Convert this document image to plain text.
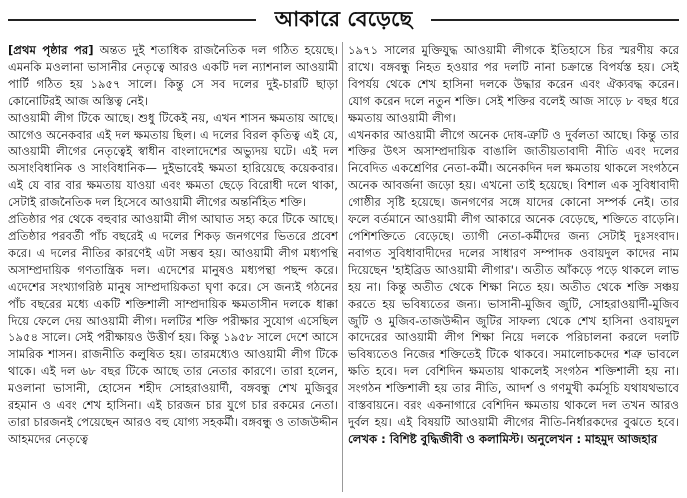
আকারে বেড়েছে

[প্রথম পৃষ্ঠার পর] অন্তত দুই শতাধিক রাজনৈতিক দল গঠিত হয়েছে। এমনকি মওলানা ভাসানীর নেতৃত্বে আরও একটি দল ন্যাশনাল আওয়ামী পার্টি গঠিত হয় ১৯৫৭ সালে। কিন্তু সে সব দলের দুই-চারটি ছাড়া কোনোটিরই আজ অস্তিত্ব নেই।

আওয়ামী লীগ টিকে আছে। শুধু টিকেই নয়, এখন শাসন ক্ষমতায় আছে। আগেও অনেকবার এই দল ক্ষমতায় ছিল। এ দলের বিরল কৃতিত্ব এই যে, আওয়ামী লীগের নেতৃত্বেই স্বাধীন বাংলাদেশের অভ্যুদয় ঘটে। এই দল অসাংবিধানিক ও সাংবিধানিক— দুইভাবেই ক্ষমতা হারিয়েছে কয়েকবার। এই যে বার বার ক্ষমতায় যাওয়া এবং ক্ষমতা ছেড়ে বিরোধী দলে থাকা, সেটাই রাজনৈতিক দল হিসেবে আওয়ামী লীগের অন্তর্নিহিত শক্তি।

প্রতিষ্ঠার পর থেকে বহুবার আওয়ামী লীগ আঘাত সহ্য করে টিকে আছে। প্রতিষ্ঠার পরবর্তী পাঁচ বছরেই এ দলের শিকড় জনগণের ভিতরে প্রবেশ করে। এ দলের নীতির কারণেই এটা সম্ভব হয়। আওয়ামী লীগ মধ্যপন্থি অসাম্প্রদায়িক গণতান্ত্রিক দল। এদেশের মানুষও মধ্যপন্থা পছন্দ করে। এদেশের সংখ্যাগরিষ্ঠ মানুষ সাম্প্রদায়িকতা ঘৃণা করে। সে জন্যই গঠনের পাঁচ বছরের মধ্যে একটি শক্তিশালী সাম্প্রদায়িক ক্ষমতাসীন দলকে ধাক্কা দিয়ে ফেলে দেয় আওয়ামী লীগ। দলটির শক্তি পরীক্ষার সুযোগ এসেছিল ১৯৫৪ সালে। সেই পরীক্ষায়ও উত্তীর্ণ হয়। কিন্তু ১৯৫৮ সালে দেশে আসে সামরিক শাসন। রাজনীতি কলুষিত হয়। তারমধ্যেও আওয়ামী লীগ টিকে থাকে। এই দল ৬৮ বছর টিকে আছে তার নেতার কারণে। তারা হলেন, মওলানা ভাসানী, হোসেন শহীদ সোহরাওয়ার্দী, বঙ্গবন্ধু শেখ মুজিবুর রহমান ও এবং শেখ হাসিনা। এই চারজন চার যুগে চার রকমের নেতা। তারা চারজনই পেয়েছেন আরও বহু যোগ্য সহকর্মী। বঙ্গবন্ধু ও তাজউদ্দীন আহমদের নেতৃত্বে

১৯৭১ সালের মুক্তিযুদ্ধ আওয়ামী লীগকে ইতিহাসে চির স্মরণীয় করে রাখে। বঙ্গবন্ধু নিহত হওয়ার পর দলটি নানা চক্রান্তে বিপর্যস্ত হয়। সেই বিপর্যয় থেকে শেখ হাসিনা দলকে উদ্ধার করেন এবং ঐক্যবদ্ধ করেন। যোগ করেন দলে নতুন শক্তি। সেই শক্তির বলেই আজ সাড়ে ৮ বছর ধরে ক্ষমতায় আওয়ামী লীগ।

এখনকার আওয়ামী লীগে অনেক দোষ-ত্রুটি ও দুর্বলতা আছে। কিন্তু তার শক্তির উৎস অসাম্প্রদায়িক বাঙালি জাতীয়তাবাদী নীতি এবং দলের নিবেদিত একশ্রেণির নেতা-কর্মী। অনেকদিন দল ক্ষমতায় থাকলে সংগঠনে অনেক আবর্জনা জড়ো হয়। এখনো তাই হয়েছে। বিশাল এক সুবিধাবাদী গোষ্ঠীর সৃষ্টি হয়েছে। জনগণের সঙ্গে যাদের কোনো সম্পর্ক নেই। তার ফলে বর্তমানে আওয়ামী লীগ আকারে অনেক বেড়েছে, শক্তিতে বাড়েনি। পেশিশক্তিতে বেড়েছে। ত্যাগী নেতা-কর্মীদের জন্য সেটাই দুঃসংবাদ। নবাগত সুবিধাবাদীদের দলের সাধারণ সম্পাদক ওবায়দুল কাদের নাম দিয়েছেন 'হাইব্রিড আওয়ামী লীগার'। অতীত আঁকড়ে পড়ে থাকলে লাভ হয় না। কিন্তু অতীত থেকে শিক্ষা নিতে হয়। অতীত থেকে শক্তি সঞ্চয় করতে হয় ভবিষ্যতের জন্য। ভাসানী-মুজিব জুটি, সোহরাওয়ার্দী-মুজিব জুটি ও মুজিব-তাজউদ্দীন জুটির সাফল্য থেকে শেখ হাসিনা ওবায়দুল কাদেরের আওয়ামী লীগ শিক্ষা নিয়ে দলকে পরিচালনা করলে দলটি ভবিষ্যতেও নিজের শক্তিতেই টিকে থাকবে। সমালোচকদের শত্রু ভাবলে ক্ষতি হবে। দল বেশিদিন ক্ষমতায় থাকলেই সংগঠন শক্তিশালী হয় না। সংগঠন শক্তিশালী হয় তার নীতি, আদর্শ ও গণমুখী কর্মসূচি যথাযথভাবে বাস্তবায়নে। বরং একনাগারে বেশিদিন ক্ষমতায় থাকলে দল তখন আরও দুর্বল হয়। এই বিষয়টি আওয়ামী লীগের নীতি-নির্ধারকদের বুঝতে হবে। লেখক : বিশিষ্ট বুদ্ধিজীবী ও কলামিস্ট। অনুলেখন : মাহমুদ আজহার
